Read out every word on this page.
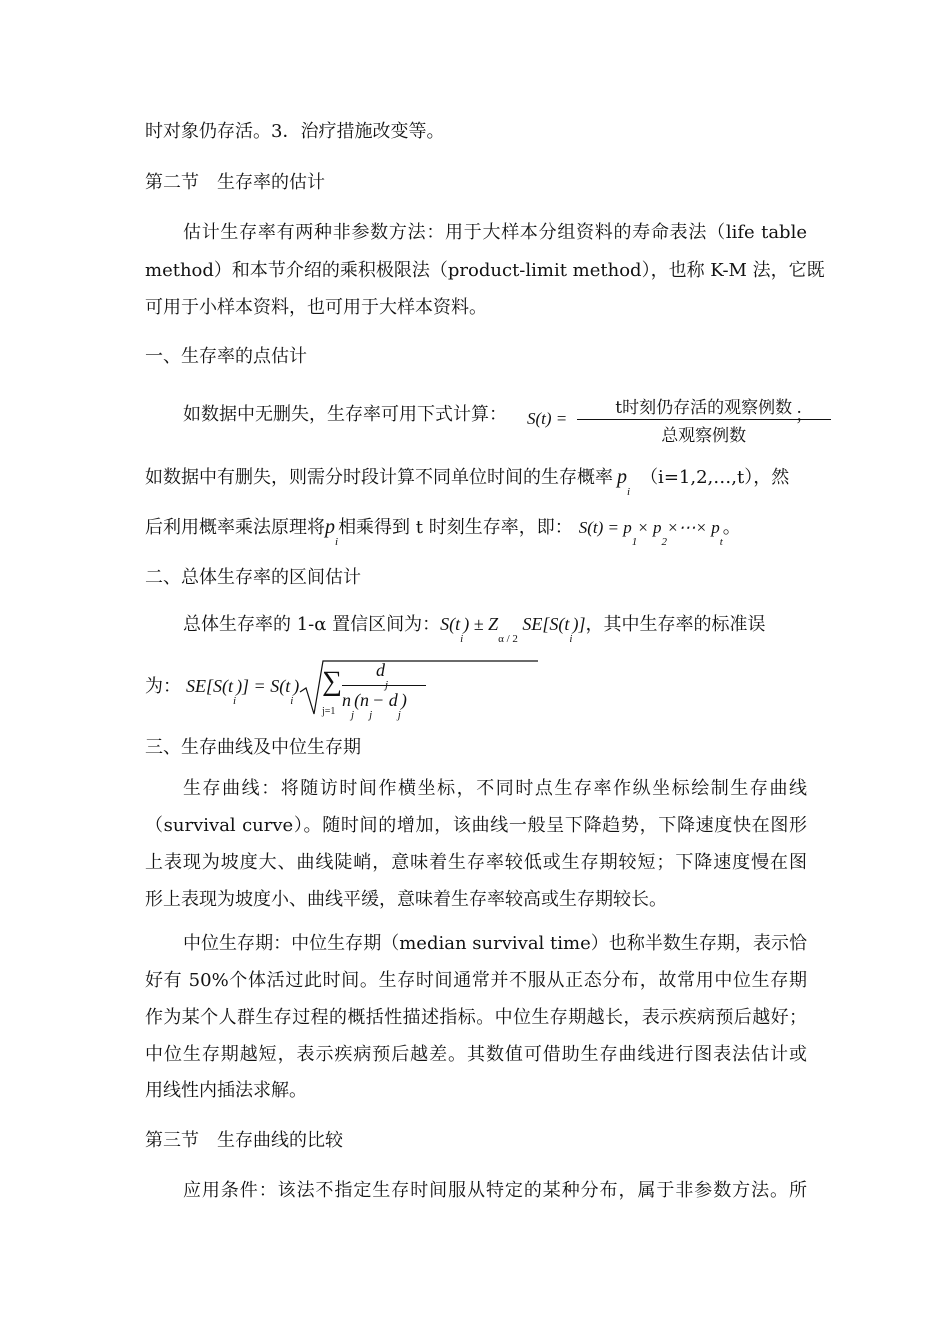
时对象仍存活。3．治疗措施改变等。
第二节　生存率的估计
估计生存率有两种非参数方法：用于大样本分组资料的寿命表法（life table
method）和本节介绍的乘积极限法（product-limit method），也称 K-M 法，它既
可用于小样本资料，也可用于大样本资料。
一、生存率的点估计
如数据中无删失，生存率可用下式计算：	$S(t) = \frac{\text{t时刻仍存活的观察例数}}{\text{总观察例数}}$
；
如数据中有删失，则需分时段计算不同单位时间的生存概率 $p_i(i=1,2,\dots,t)$，然
后利用概率乘法原理将$p_i$相乘得到 t 时刻生存率，即： $S(t) = p_1\times$ $p_2\times\cdots\times p_t$。
二、总体生存率的区间估计
总体生存率的 1-α 置信区间为：$S(t_i) \pm Z_{\alpha / 2}$ $SE[S(t_i)]$，其中生存率的标准误
为： $SE[S(t_i)] = S(t_i)$ ∑
j=1
$d_j$
$n_j(n_j- d_j)$
三、生存曲线及中位生存期
生存曲线：将随访时间作横坐标，不同时点生存率作纵坐标绘制生存曲线
（survival curve）。随时间的增加，该曲线一般呈下降趋势，下降速度快在图形
上表现为坡度大、曲线陡峭，意味着生存率较低或生存期较短；下降速度慢在图
形上表现为坡度小、曲线平缓，意味着生存率较高或生存期较长。
中位生存期：中位生存期（median survival time）也称半数生存期，表示恰
好有 50%个体活过此时间。生存时间通常并不服从正态分布，故常用中位生存期
作为某个人群生存过程的概括性描述指标。中位生存期越长，表示疾病预后越好；
中位生存期越短，表示疾病预后越差。其数值可借助生存曲线进行图表法估计或
用线性内插法求解。
第三节　生存曲线的比较
应用条件：该法不指定生存时间服从特定的某种分布，属于非参数方法。所
